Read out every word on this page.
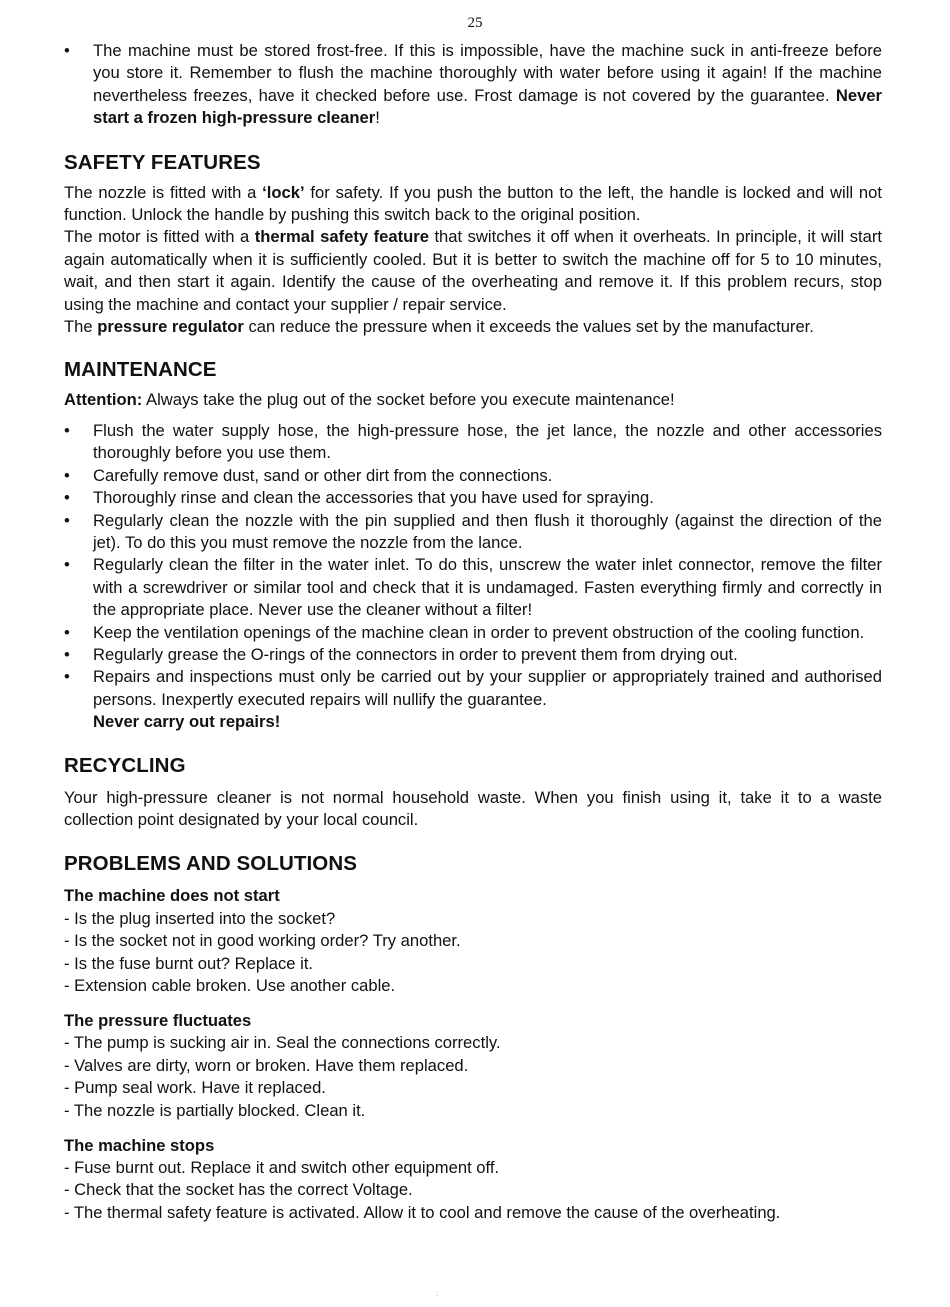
25
• The machine must be stored frost-free. If this is impossible, have the machine suck in anti-freeze before you store it. Remember to flush the machine thoroughly with water before using it again! If the machine nevertheless freezes, have it checked before use. Frost damage is not covered by the guarantee. Never start a frozen high-pressure cleaner!
SAFETY FEATURES
The nozzle is fitted with a ‘lock’ for safety. If you push the button to the left, the handle is locked and will not function. Unlock the handle by pushing this switch back to the original position.
The motor is fitted with a thermal safety feature that switches it off when it overheats. In principle, it will start again automatically when it is sufficiently cooled. But it is better to switch the machine off for 5 to 10 minutes, wait, and then start it again. Identify the cause of the overheating and remove it. If this problem recurs, stop using the machine and contact your supplier / repair service.
The pressure regulator can reduce the pressure when it exceeds the values set by the manufacturer.
MAINTENANCE
Attention: Always take the plug out of the socket before you execute maintenance!
• Flush the water supply hose, the high-pressure hose, the jet lance, the nozzle and other accessories thoroughly before you use them.
• Carefully remove dust, sand or other dirt from the connections.
• Thoroughly rinse and clean the accessories that you have used for spraying.
• Regularly clean the nozzle with the pin supplied and then flush it thoroughly (against the direction of the jet). To do this you must remove the nozzle from the lance.
• Regularly clean the filter in the water inlet. To do this, unscrew the water inlet connector, remove the filter with a screwdriver or similar tool and check that it is undamaged. Fasten everything firmly and correctly in the appropriate place. Never use the cleaner without a filter!
• Keep the ventilation openings of the machine clean in order to prevent obstruction of the cooling function.
• Regularly grease the O-rings of the connectors in order to prevent them from drying out.
• Repairs and inspections must only be carried out by your supplier or appropriately trained and authorised persons. Inexpertly executed repairs will nullify the guarantee.
Never carry out repairs!
RECYCLING
Your high-pressure cleaner is not normal household waste. When you finish using it, take it to a waste collection point designated by your local council.
PROBLEMS AND SOLUTIONS
The machine does not start
- Is the plug inserted into the socket?
- Is the socket not in good working order? Try another.
- Is the fuse burnt out? Replace it.
- Extension cable broken. Use another cable.
The pressure fluctuates
- The pump is sucking air in. Seal the connections correctly.
- Valves are dirty, worn or broken. Have them replaced.
- Pump seal work. Have it replaced.
- The nozzle is partially blocked. Clean it.
The machine stops
- Fuse burnt out. Replace it and switch other equipment off.
- Check that the socket has the correct Voltage.
- The thermal safety feature is activated. Allow it to cool and remove the cause of the overheating.
:
